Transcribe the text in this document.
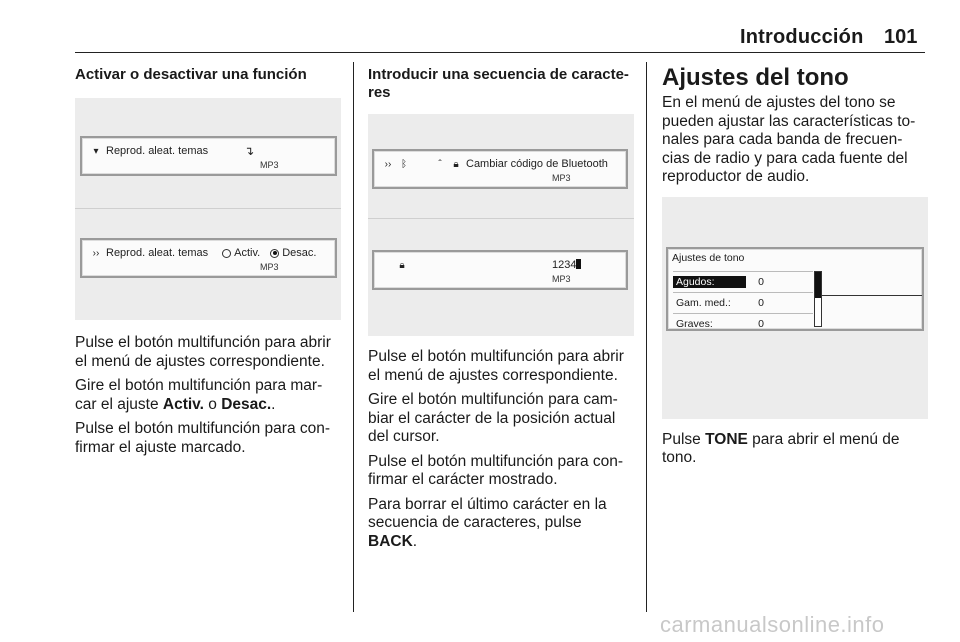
Introducción 101
Activar o desactivar una función
▾ Reprod. aleat. temas	↴
MP3
›› Reprod. aleat. temas Activ. Desac.
MP3

Pulse el botón multifunción para abrir el menú de ajustes correspondiente.

Gire el botón multifunción para mar-car el ajuste Activ. o Desac..

Pulse el botón multifunción para con-firmar el ajuste marcado.

Introducir una secuencia de caracte-res
›› ᛒ	ˆ	🔒︎ Cambiar código de Bluetooth
MP3
🔒︎	1234
MP3

Pulse el botón multifunción para abrir el menú de ajustes correspondiente.

Gire el botón multifunción para cam-biar el carácter de la posición actual del cursor.

Pulse el botón multifunción para con-firmar el carácter mostrado.

Para borrar el último carácter en la secuencia de caracteres, pulse BACK.

Ajustes del tono

En el menú de ajustes del tono se pueden ajustar las características to-nales para cada banda de frecuen-cias de radio y para cada fuente del reproductor de audio.

Ajustes de tono
Agudos:	0
Gam. med.:	0
Graves:	0

Pulse TONE para abrir el menú de tono.

carmanualsonline.info
